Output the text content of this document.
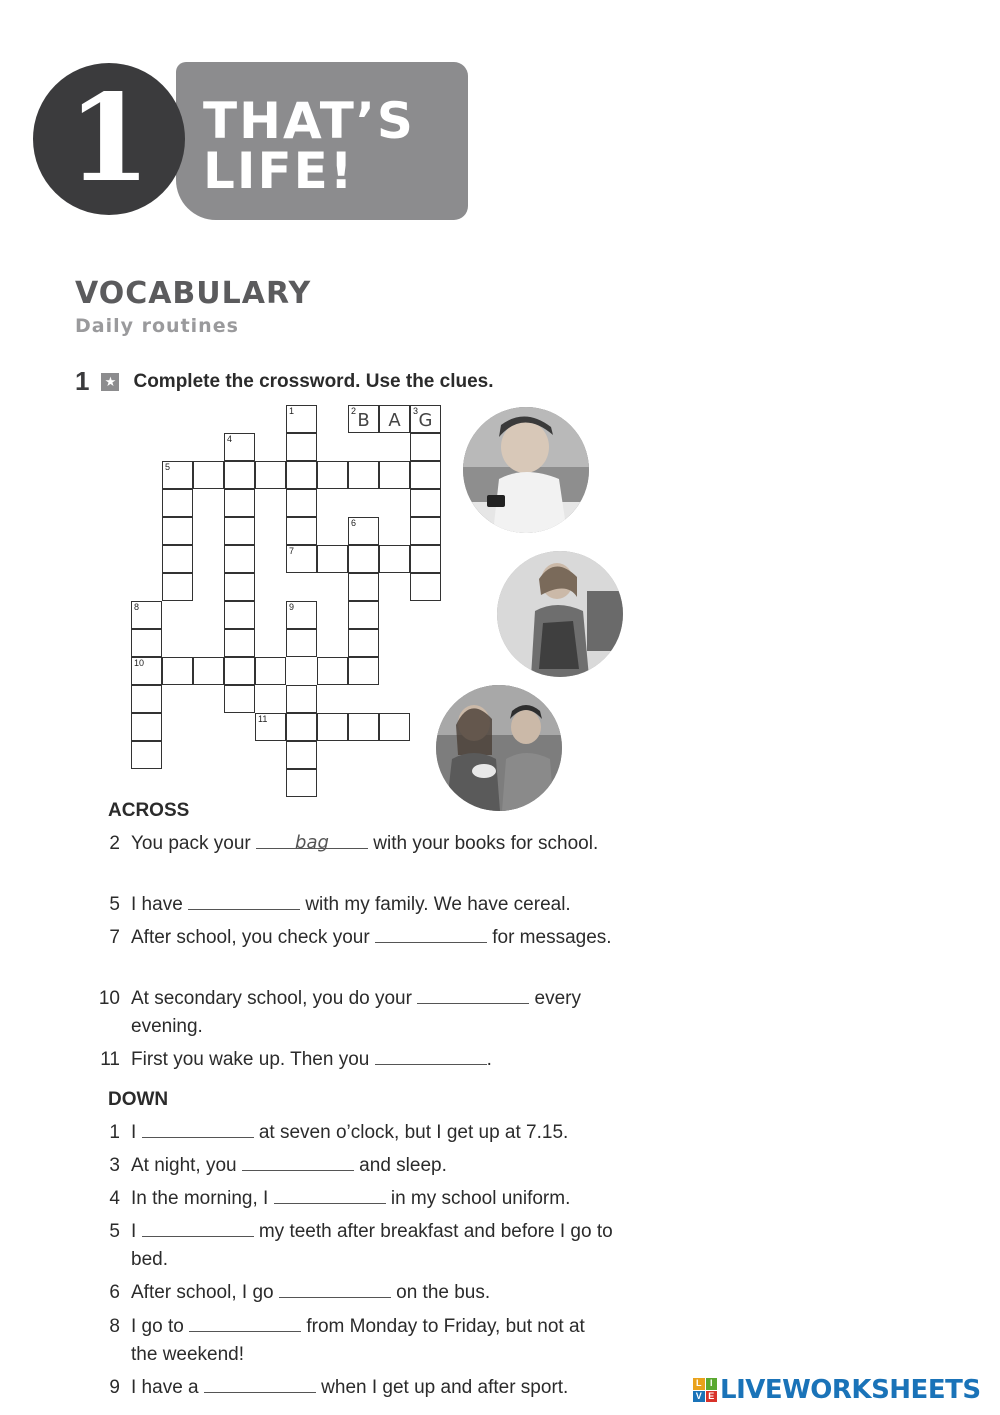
1	THAT’S
LIFE!
VOCABULARY
Daily routines
1 ★ Complete the crossword. Use the clues.
1
7
2 B	A	3 G
4
5
6
8
10
9
11
ACROSS
2 You pack your bag with your books for school.
5 I have	with my family. We have cereal.
7 After school, you check your	for messages.
10 At secondary school, you do your	every evening.
11 First you wake up. Then you	.
DOWN
1 I	at seven o’clock, but I get up at 7.15.
3 At night, you	and sleep.
4 In the morning, I	in my school uniform.
5 I	my teeth after breakfast and before I go to bed.
6 After school, I go	on the bus.
8 I go to	from Monday to Friday, but not at the weekend!
9 I have a	when I get up and after sport.	L I
V E LIVEWORKSHEETS
